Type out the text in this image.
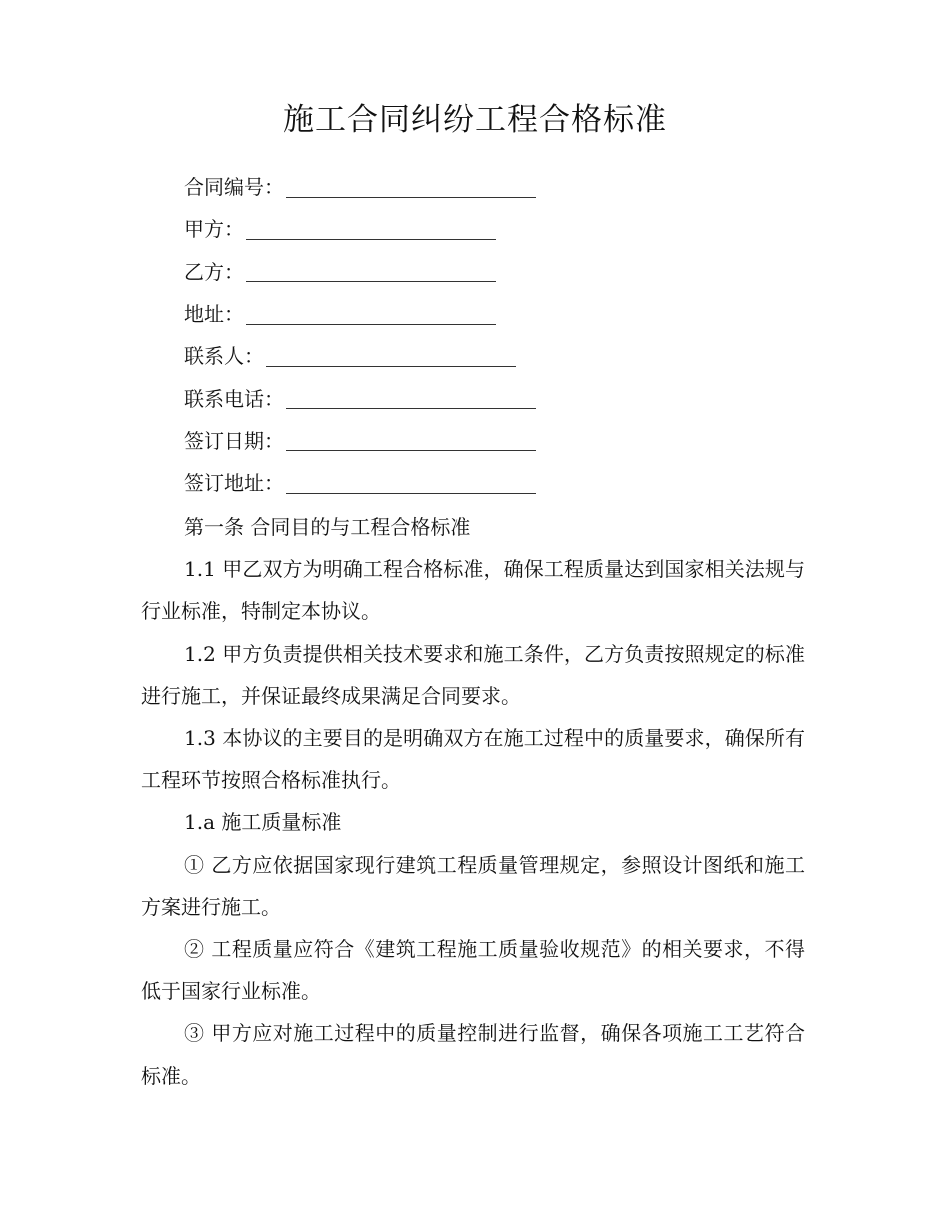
施工合同纠纷工程合格标准
合同编号：
甲方：
乙方：
地址：
联系人：
联系电话：
签订日期：
签订地址：

第一条 合同目的与工程合格标准

1.1 甲乙双方为明确工程合格标准，确保工程质量达到国家相关法规与行业标准，特制定本协议。

1.2 甲方负责提供相关技术要求和施工条件，乙方负责按照规定的标准进行施工，并保证最终成果满足合同要求。

1.3 本协议的主要目的是明确双方在施工过程中的质量要求，确保所有工程环节按照合格标准执行。

1.a 施工质量标准

① 乙方应依据国家现行建筑工程质量管理规定，参照设计图纸和施工方案进行施工。

② 工程质量应符合《建筑工程施工质量验收规范》的相关要求，不得低于国家行业标准。

③ 甲方应对施工过程中的质量控制进行监督，确保各项施工工艺符合标准。
